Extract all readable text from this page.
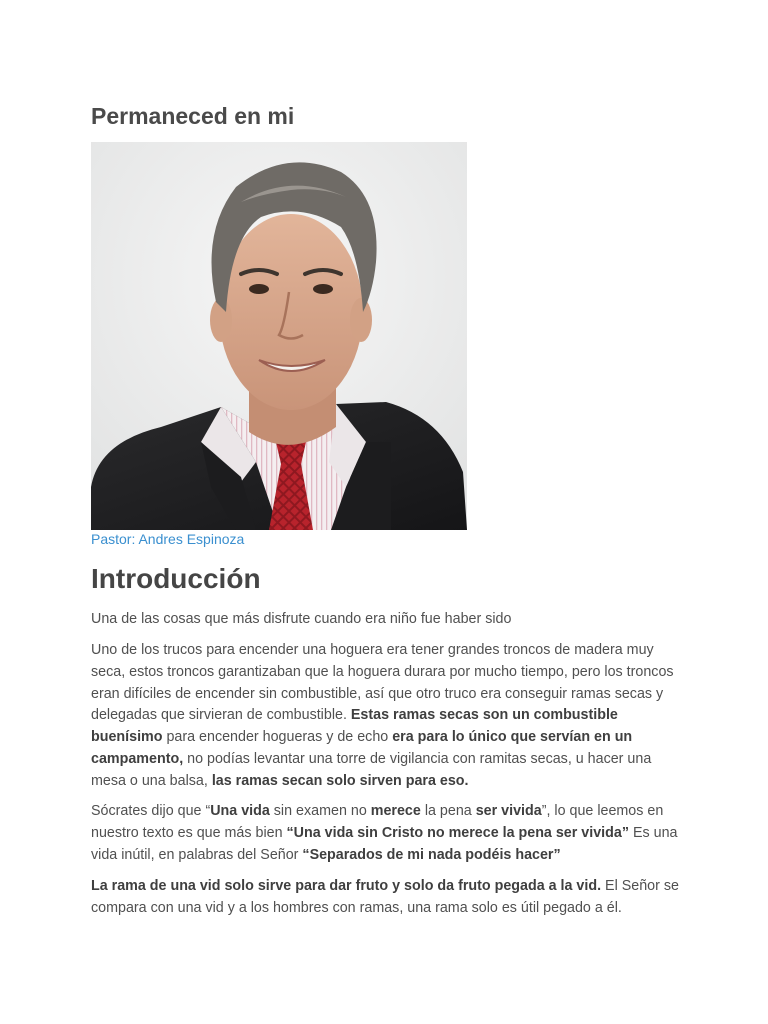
Permaneced en mi
Pastor: Andres Espinoza
Introducción

Una de las cosas que más disfrute cuando era niño fue haber sido

Uno de los trucos para encender una hoguera era tener grandes troncos de madera muy seca, estos troncos garantizaban que la hoguera durara por mucho tiempo, pero los troncos eran difíciles de encender sin combustible, así que otro truco era conseguir ramas secas y delegadas que sirvieran de combustible. Estas ramas secas son un combustible buenísimo para encender hogueras y de echo era para lo único que servían en un campamento, no podías levantar una torre de vigilancia con ramitas secas, u hacer una mesa o una balsa, las ramas secan solo sirven para eso.

Sócrates dijo que “Una vida sin examen no merece la pena ser vivida”, lo que leemos en nuestro texto es que más bien “Una vida sin Cristo no merece la pena ser vivida” Es una vida inútil, en palabras del Señor “Separados de mi nada podéis hacer”

La rama de una vid solo sirve para dar fruto y solo da fruto pegada a la vid. El Señor se compara con una vid y a los hombres con ramas, una rama solo es útil pegado a él.
